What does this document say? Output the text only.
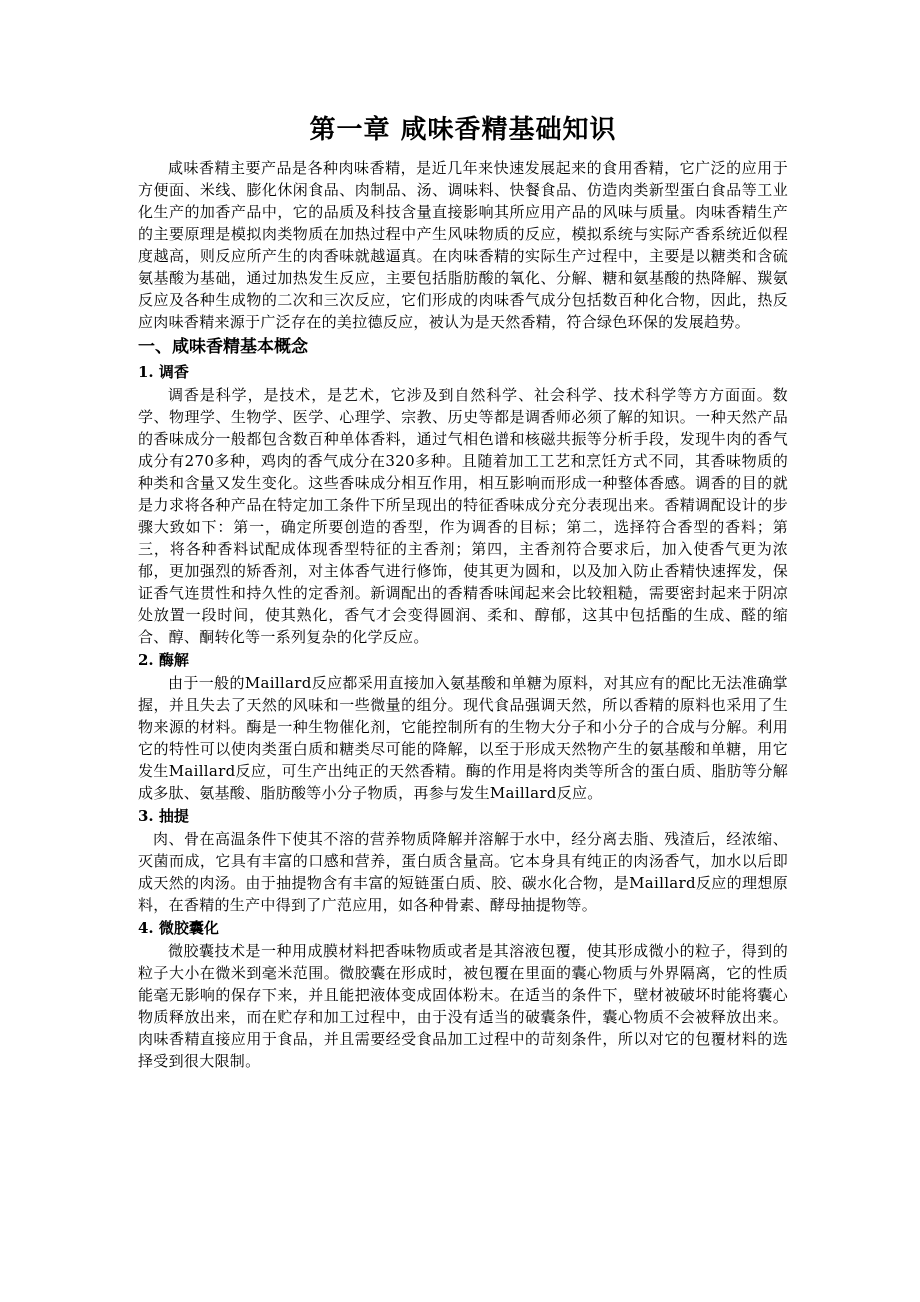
第一章 咸味香精基础知识

咸味香精主要产品是各种肉味香精，是近几年来快速发展起来的食用香精，它广泛的应用于方便面、米线、膨化休闲食品、肉制品、汤、调味料、快餐食品、仿造肉类新型蛋白食品等工业化生产的加香产品中，它的品质及科技含量直接影响其所应用产品的风味与质量。肉味香精生产的主要原理是模拟肉类物质在加热过程中产生风味物质的反应，模拟系统与实际产香系统近似程度越高，则反应所产生的肉香味就越逼真。在肉味香精的实际生产过程中，主要是以糖类和含硫氨基酸为基础，通过加热发生反应，主要包括脂肪酸的氧化、分解、糖和氨基酸的热降解、羰氨反应及各种生成物的二次和三次反应，它们形成的肉味香气成分包括数百种化合物，因此，热反应肉味香精来源于广泛存在的美拉德反应，被认为是天然香精，符合绿色环保的发展趋势。

一、咸味香精基本概念
1. 调香

调香是科学，是技术，是艺术，它涉及到自然科学、社会科学、技术科学等方方面面。数学、物理学、生物学、医学、心理学、宗教、历史等都是调香师必须了解的知识。一种天然产品的香味成分一般都包含数百种单体香料，通过气相色谱和核磁共振等分析手段，发现牛肉的香气成分有270多种，鸡肉的香气成分在320多种。且随着加工工艺和烹饪方式不同，其香味物质的种类和含量又发生变化。这些香味成分相互作用，相互影响而形成一种整体香感。调香的目的就是力求将各种产品在特定加工条件下所呈现出的特征香味成分充分表现出来。香精调配设计的步骤大致如下：第一，确定所要创造的香型，作为调香的目标；第二，选择符合香型的香料；第三，将各种香料试配成体现香型特征的主香剂；第四，主香剂符合要求后，加入使香气更为浓郁，更加强烈的矫香剂，对主体香气进行修饰，使其更为圆和，以及加入防止香精快速挥发，保证香气连贯性和持久性的定香剂。新调配出的香精香味闻起来会比较粗糙，需要密封起来于阴凉处放置一段时间，使其熟化，香气才会变得圆润、柔和、醇郁，这其中包括酯的生成、醛的缩合、醇、酮转化等一系列复杂的化学反应。

2. 酶解

由于一般的Maillard反应都采用直接加入氨基酸和单糖为原料，对其应有的配比无法准确掌握，并且失去了天然的风味和一些微量的组分。现代食品强调天然，所以香精的原料也采用了生物来源的材料。酶是一种生物催化剂，它能控制所有的生物大分子和小分子的合成与分解。利用它的特性可以使肉类蛋白质和糖类尽可能的降解，以至于形成天然物产生的氨基酸和单糖，用它发生Maillard反应，可生产出纯正的天然香精。酶的作用是将肉类等所含的蛋白质、脂肪等分解成多肽、氨基酸、脂肪酸等小分子物质，再参与发生Maillard反应。

3. 抽提

肉、骨在高温条件下使其不溶的营养物质降解并溶解于水中，经分离去脂、残渣后，经浓缩、灭菌而成，它具有丰富的口感和营养，蛋白质含量高。它本身具有纯正的肉汤香气，加水以后即成天然的肉汤。由于抽提物含有丰富的短链蛋白质、胶、碳水化合物，是Maillard反应的理想原料，在香精的生产中得到了广范应用，如各种骨素、酵母抽提物等。

4. 微胶囊化

微胶囊技术是一种用成膜材料把香味物质或者是其溶液包覆，使其形成微小的粒子，得到的粒子大小在微米到毫米范围。微胶囊在形成时，被包覆在里面的囊心物质与外界隔离，它的性质能毫无影响的保存下来，并且能把液体变成固体粉末。在适当的条件下，壁材被破坏时能将囊心物质释放出来，而在贮存和加工过程中，由于没有适当的破囊条件，囊心物质不会被释放出来。肉味香精直接应用于食品，并且需要经受食品加工过程中的苛刻条件，所以对它的包覆材料的选择受到很大限制。
